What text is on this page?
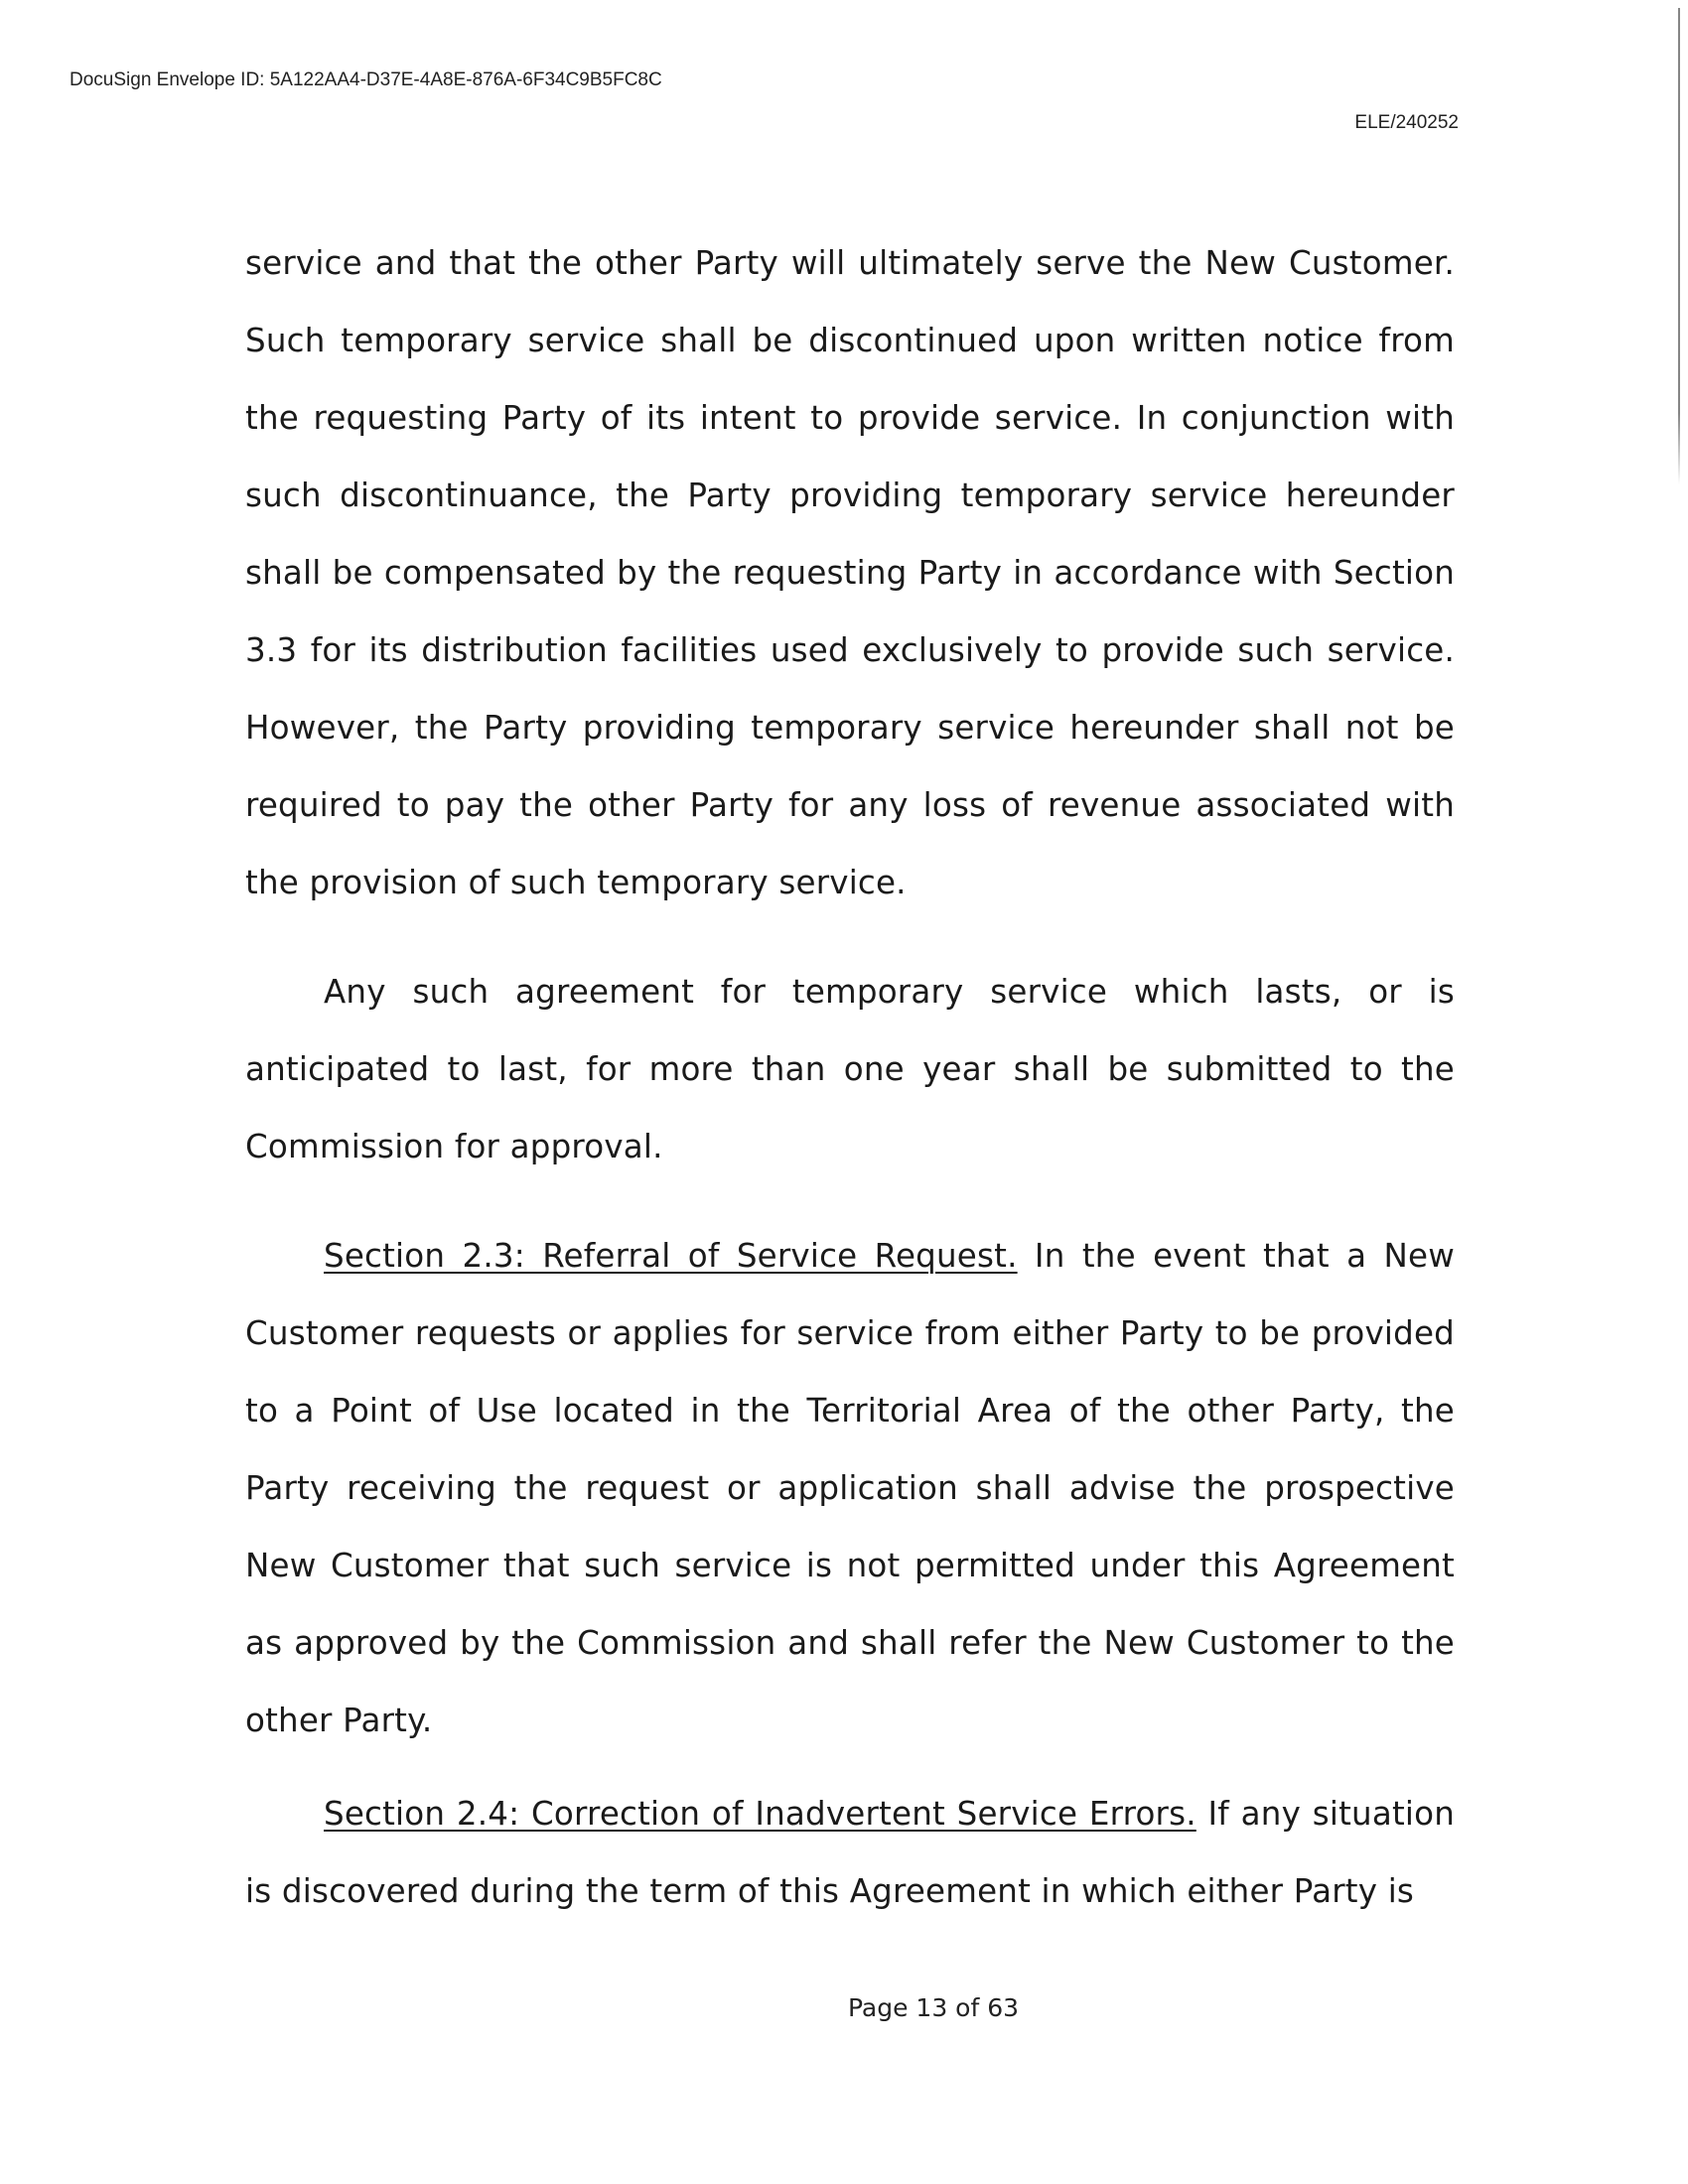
DocuSign Envelope ID: 5A122AA4-D37E-4A8E-876A-6F34C9B5FC8C
ELE/240252

service and that the other Party will ultimately serve the New Customer. Such temporary service shall be discontinued upon written notice from the requesting Party of its intent to provide service. In conjunction with such discontinuance, the Party providing temporary service hereunder shall be compensated by the requesting Party in accordance with Section 3.3 for its distribution facilities used exclusively to provide such service. However, the Party providing temporary service hereunder shall not be required to pay the other Party for any loss of revenue associated with the provision of such temporary service.

Any such agreement for temporary service which lasts, or is anticipated to last, for more than one year shall be submitted to the Commission for approval.

Section 2.3: Referral of Service Request. In the event that a New Customer requests or applies for service from either Party to be provided to a Point of Use located in the Territorial Area of the other Party, the Party receiving the request or application shall advise the prospective New Customer that such service is not permitted under this Agreement as approved by the Commission and shall refer the New Customer to the other Party.

Section 2.4: Correction of Inadvertent Service Errors. If any situation is discovered during the term of this Agreement in which either Party is

Page 13 of 63
